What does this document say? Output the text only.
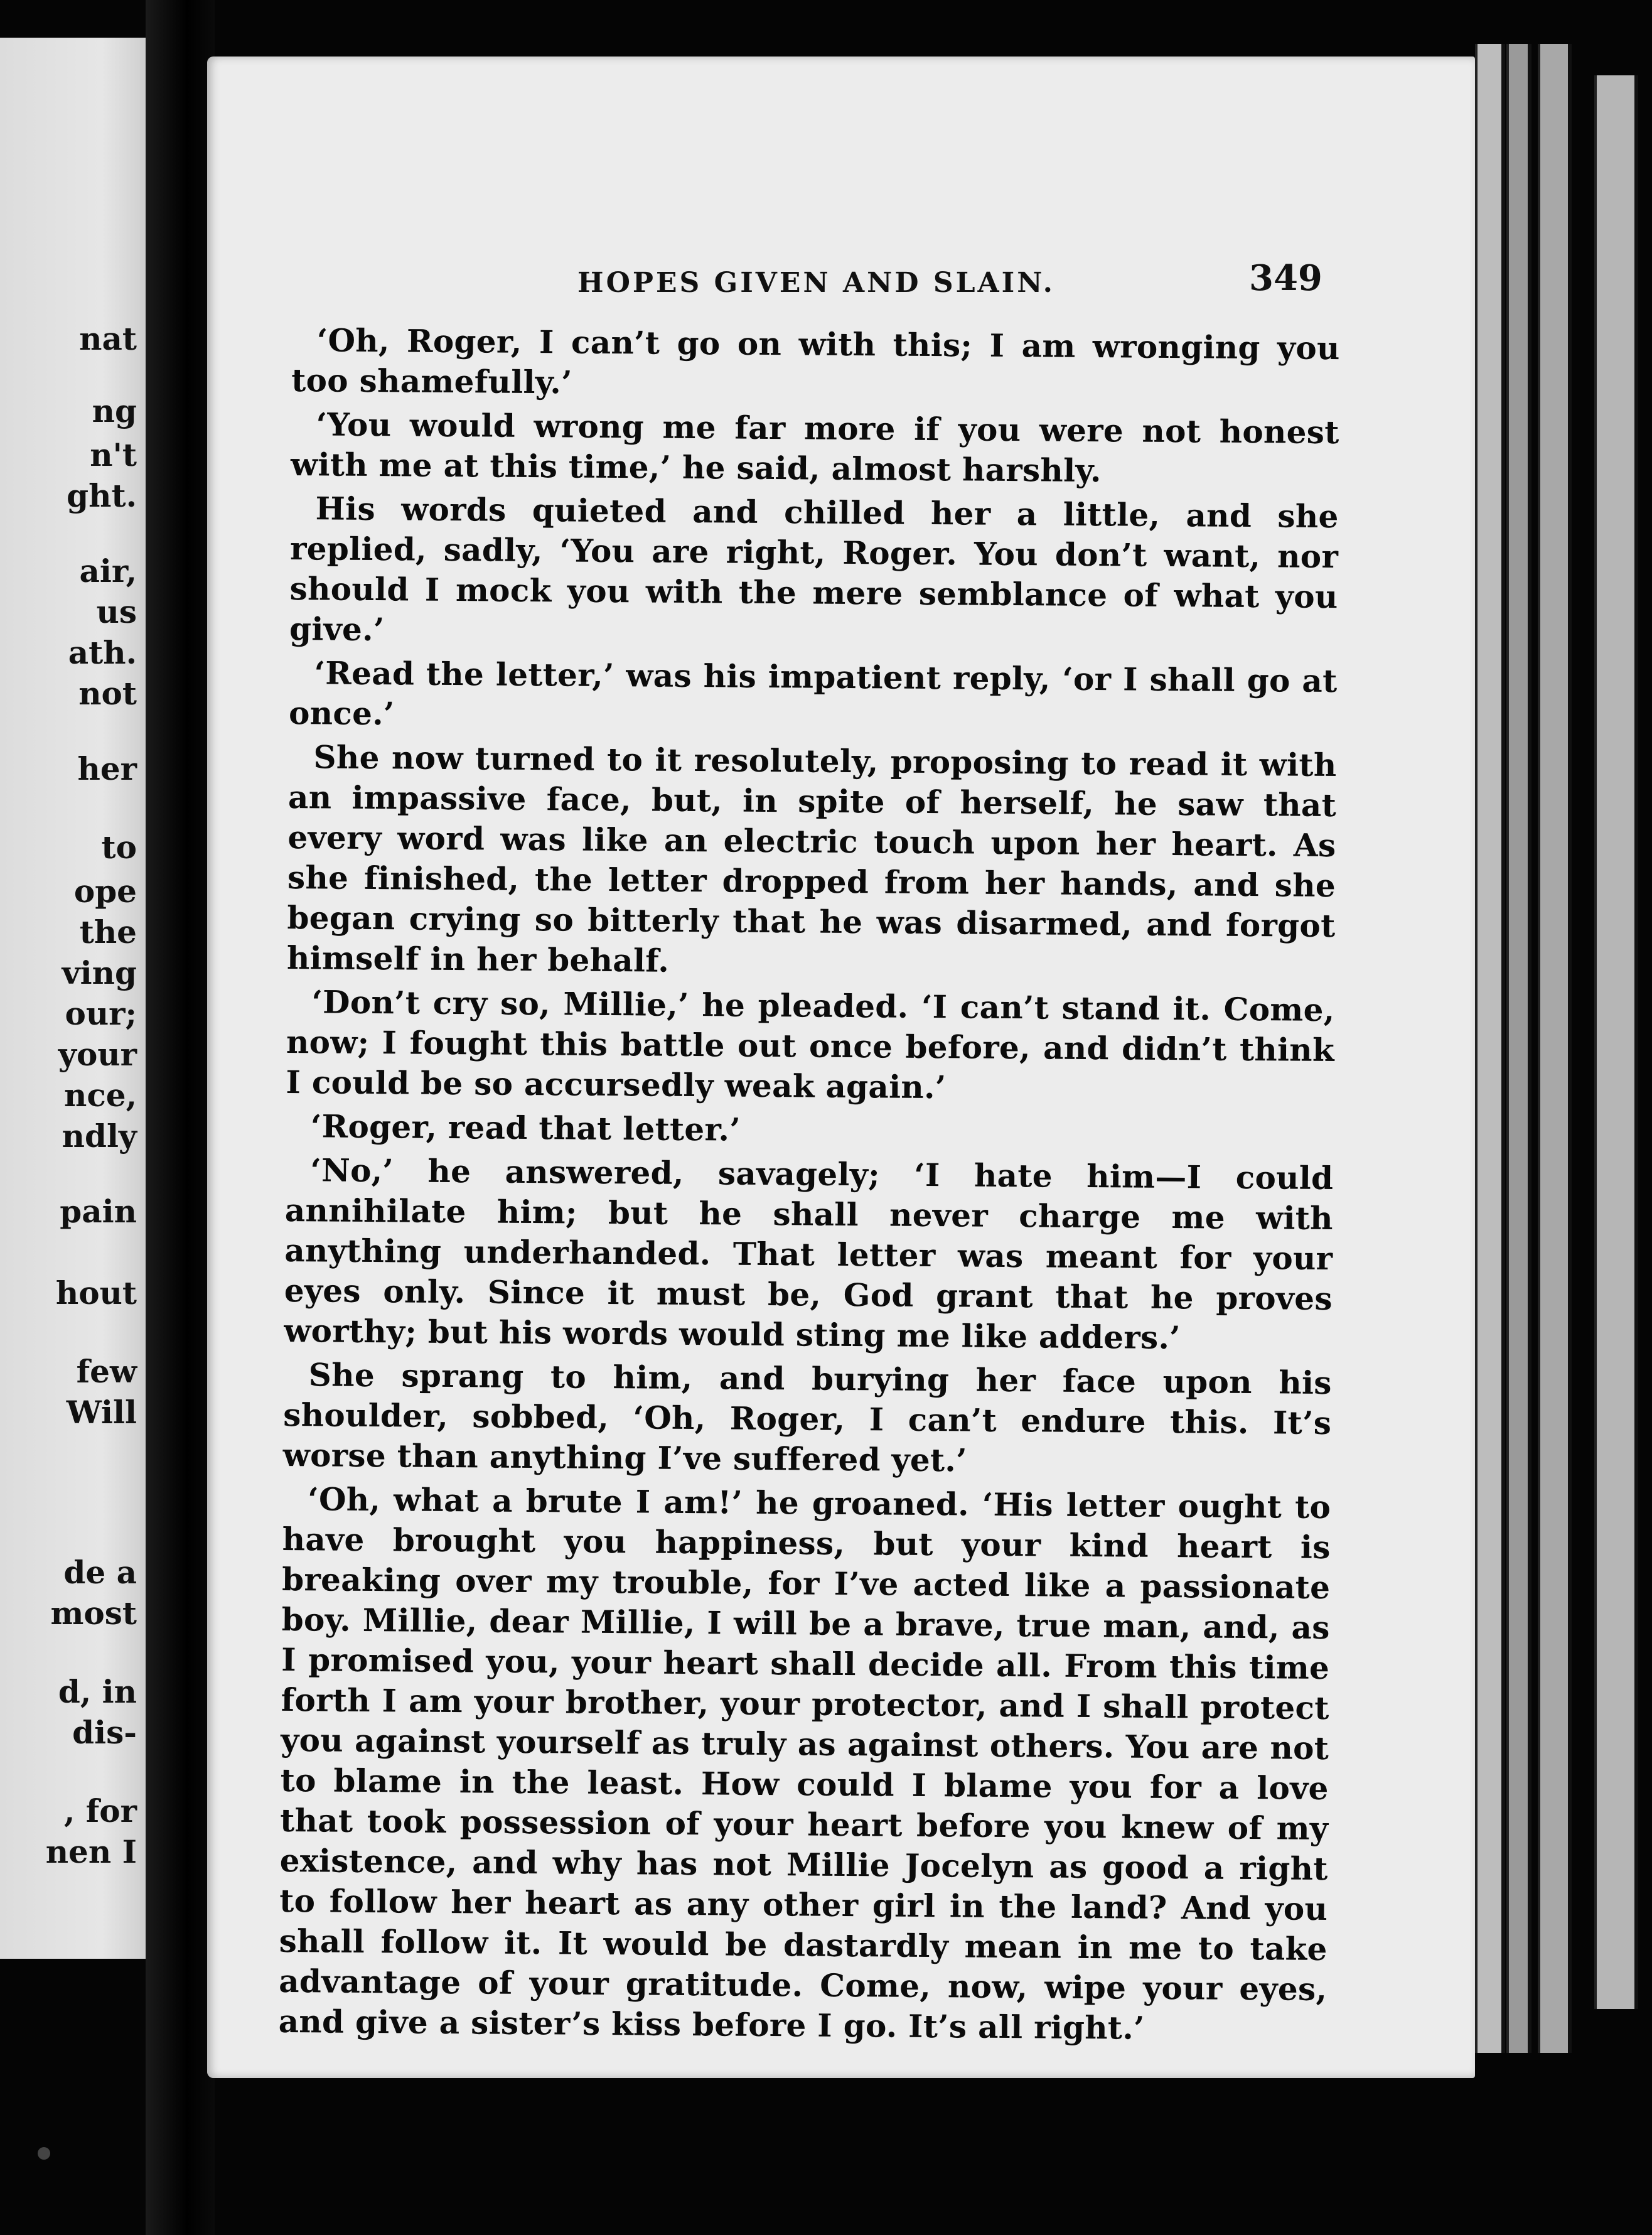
nat
ng
n't
ght.
air,
us
ath.
not
her
to
ope
the
ving
our;
your
nce,
ndly
pain
hout
few
Will
de a
most
d, in
dis-
, for
nen I
HOPES GIVEN AND SLAIN.	349

‘Oh, Roger, I can’t go on with this; I am wronging you too shamefully.’

‘You would wrong me far more if you were not honest with me at this time,’ he said, almost harshly.

His words quieted and chilled her a little, and she replied, sadly, ‘You are right, Roger. You don’t want, nor should I mock you with the mere semblance of what you give.’

‘Read the letter,’ was his impatient reply, ‘or I shall go at once.’

She now turned to it resolutely, proposing to read it with an impassive face, but, in spite of herself, he saw that every word was like an electric touch upon her heart. As she finished, the letter dropped from her hands, and she began crying so bitterly that he was disarmed, and forgot himself in her behalf.

‘Don’t cry so, Millie,’ he pleaded. ‘I can’t stand it. Come, now; I fought this battle out once before, and didn’t think I could be so accursedly weak again.’

‘Roger, read that letter.’

‘No,’ he answered, savagely; ‘I hate him—I could annihilate him; but he shall never charge me with anything underhanded. That letter was meant for your eyes only. Since it must be, God grant that he proves worthy; but his words would sting me like adders.’

She sprang to him, and burying her face upon his shoulder, sobbed, ‘Oh, Roger, I can’t endure this. It’s worse than anything I’ve suffered yet.’

‘Oh, what a brute I am!’ he groaned. ‘His letter ought to have brought you happiness, but your kind heart is breaking over my trouble, for I’ve acted like a passionate boy. Millie, dear Millie, I will be a brave, true man, and, as I promised you, your heart shall decide all. From this time forth I am your brother, your protector, and I shall protect you against yourself as truly as against others. You are not to blame in the least. How could I blame you for a love that took possession of your heart before you knew of my existence, and why has not Millie Jocelyn as good a right to follow her heart as any other girl in the land? And you shall follow it. It would be dastardly mean in me to take advantage of your gratitude. Come, now, wipe your eyes, and give a sister’s kiss before I go. It’s all right.’
